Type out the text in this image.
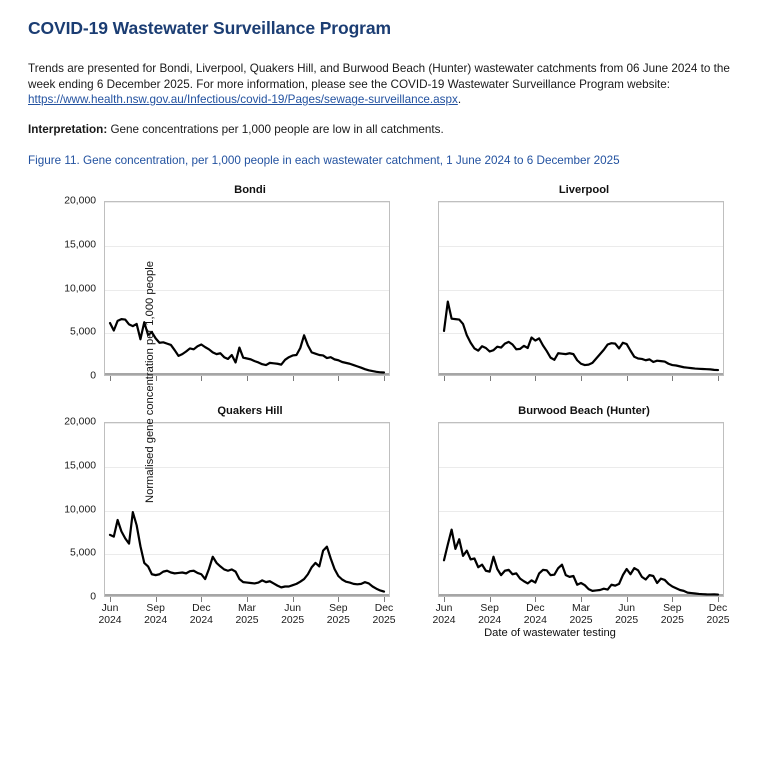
COVID-19 Wastewater Surveillance Program

Trends are presented for Bondi, Liverpool, Quakers Hill, and Burwood Beach (Hunter) wastewater catchments from 06 June 2024 to the week ending 6 December 2025. For more information, please see the COVID-19 Wastewater Surveillance Program website: https://www.health.nsw.gov.au/Infectious/covid-19/Pages/sewage-surveillance.aspx.

Interpretation: Gene concentrations per 1,000 people are low in all catchments.

Figure 11. Gene concentration, per 1,000 people in each wastewater catchment, 1 June 2024 to 6 December 2025

Bondi
0
5,000
10,000
15,000
20,000
Liverpool
Quakers Hill
0
5,000
10,000
15,000
20,000
Jun
2024
Sep
2024
Dec
2024
Mar
2025
Jun
2025
Sep
2025
Dec
2025
Burwood Beach (Hunter)
Jun
2024
Sep
2024
Dec
2024
Mar
2025
Jun
2025
Sep
2025
Dec
2025
Normalised gene concentration per 1,000 people
Date of wastewater testing
